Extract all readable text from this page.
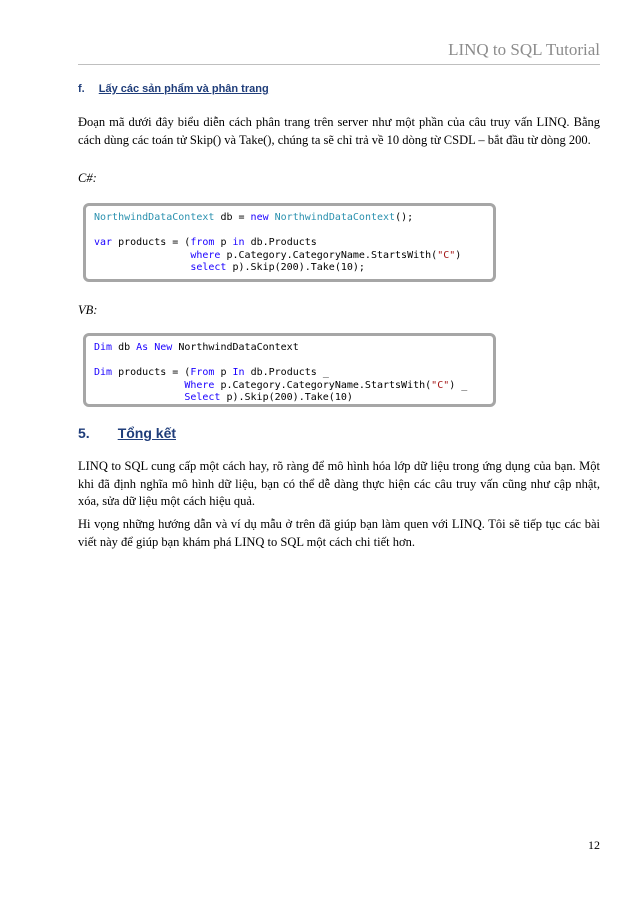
LINQ to SQL Tutorial
f. Lấy các sản phẩm và phân trang
Đoạn mã dưới đây biểu diễn cách phân trang trên server như một phần của câu truy vấn LINQ. Bằng cách dùng các toán tử Skip() và Take(), chúng ta sẽ chỉ trả về 10 dòng từ CSDL – bắt đầu từ dòng 200.
C#:
NorthwindDataContext db = new NorthwindDataContext();
var products = (from p in db.Products
where p.Category.CategoryName.StartsWith("C")
select p).Skip(200).Take(10);
VB:
Dim db As New NorthwindDataContext
Dim products = (From p In db.Products _
Where p.Category.CategoryName.StartsWith("C") _
Select p).Skip(200).Take(10)
5. Tổng kết
LINQ to SQL cung cấp một cách hay, rõ ràng để mô hình hóa lớp dữ liệu trong ứng dụng của bạn. Một khi đã định nghĩa mô hình dữ liệu, bạn có thể dễ dàng thực hiện các câu truy vấn cũng như cập nhật, xóa, sửa dữ liệu một cách hiệu quả.
Hi vọng những hướng dẫn và ví dụ mẫu ở trên đã giúp bạn làm quen với LINQ. Tôi sẽ tiếp tục các bài viết này để giúp bạn khám phá LINQ to SQL một cách chi tiết hơn.
12
